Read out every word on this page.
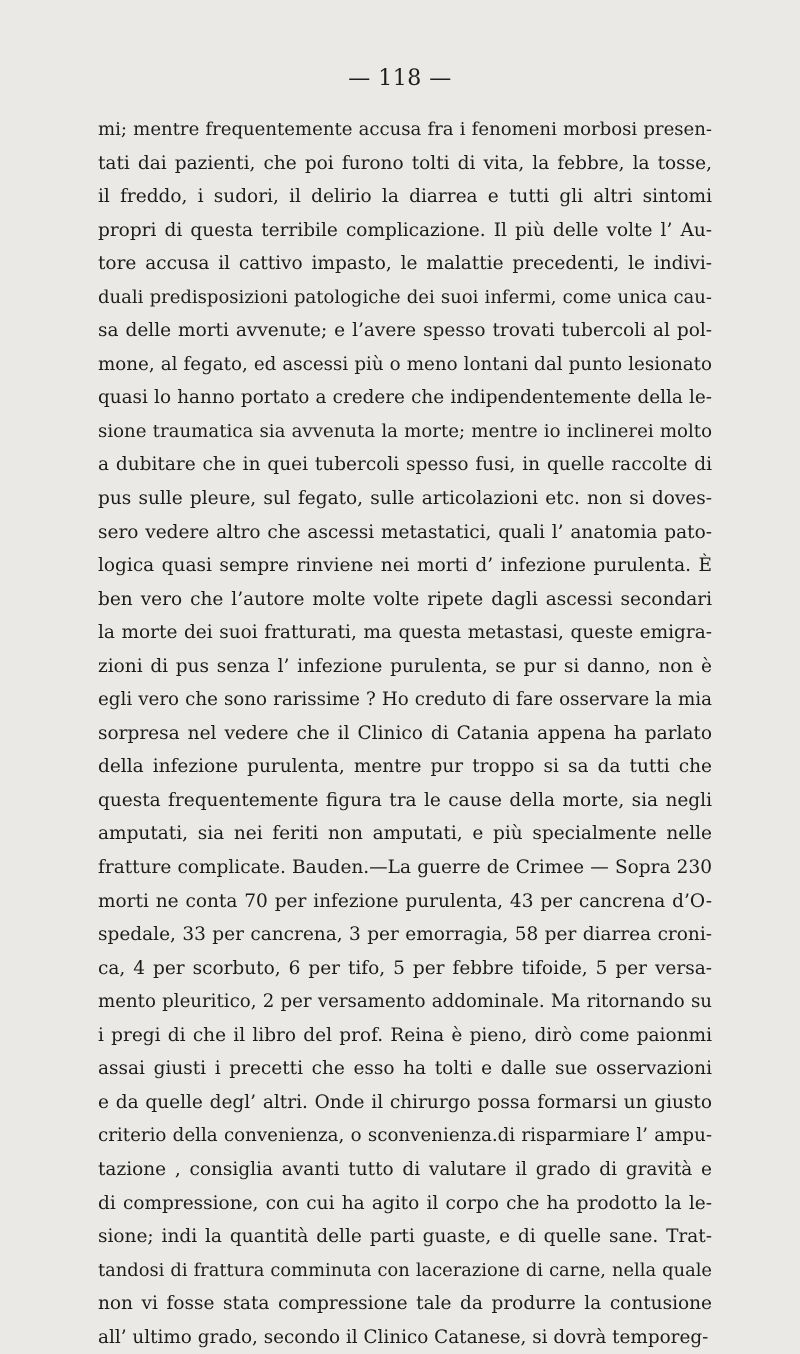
— 118 —
mi; mentre frequentemente accusa fra i fenomeni morbosi presen-
tati dai pazienti, che poi furono tolti di vita, la febbre, la tosse,
il freddo, i sudori, il delirio la diarrea e tutti gli altri sintomi
propri di questa terribile complicazione. Il più delle volte l’ Au-
tore accusa il cattivo impasto, le malattie precedenti, le indivi-
duali predisposizioni patologiche dei suoi infermi, come unica cau-
sa delle morti avvenute; e l’avere spesso trovati tubercoli al pol-
mone, al fegato, ed ascessi più o meno lontani dal punto lesionato
quasi lo hanno portato a credere che indipendentemente della le-
sione traumatica sia avvenuta la morte; mentre io inclinerei molto
a dubitare che in quei tubercoli spesso fusi, in quelle raccolte di
pus sulle pleure, sul fegato, sulle articolazioni etc. non si doves-
sero vedere altro che ascessi metastatici, quali l’ anatomia pato-
logica quasi sempre rinviene nei morti d’ infezione purulenta. È
ben vero che l’autore molte volte ripete dagli ascessi secondari
la morte dei suoi fratturati, ma questa metastasi, queste emigra-
zioni di pus senza l’ infezione purulenta, se pur si danno, non è
egli vero che sono rarissime ? Ho creduto di fare osservare la mia
sorpresa nel vedere che il Clinico di Catania appena ha parlato
della infezione purulenta, mentre pur troppo si sa da tutti che
questa frequentemente figura tra le cause della morte, sia negli
amputati, sia nei feriti non amputati, e più specialmente nelle
fratture complicate. Bauden.—La guerre de Crimee — Sopra 230
morti ne conta 70 per infezione purulenta, 43 per cancrena d’O-
spedale, 33 per cancrena, 3 per emorragia, 58 per diarrea croni-
ca, 4 per scorbuto, 6 per tifo, 5 per febbre tifoide, 5 per versa-
mento pleuritico, 2 per versamento addominale. Ma ritornando su
i pregi di che il libro del prof. Reina è pieno, dirò come paionmi
assai giusti i precetti che esso ha tolti e dalle sue osservazioni
e da quelle degl’ altri. Onde il chirurgo possa formarsi un giusto
criterio della convenienza, o sconvenienza.di risparmiare l’ ampu-
tazione , consiglia avanti tutto di valutare il grado di gravità e
di compressione, con cui ha agito il corpo che ha prodotto la le-
sione; indi la quantità delle parti guaste, e di quelle sane. Trat-
tandosi di frattura comminuta con lacerazione di carne, nella quale
non vi fosse stata compressione tale da produrre la contusione
all’ ultimo grado, secondo il Clinico Catanese, si dovrà temporeg-
